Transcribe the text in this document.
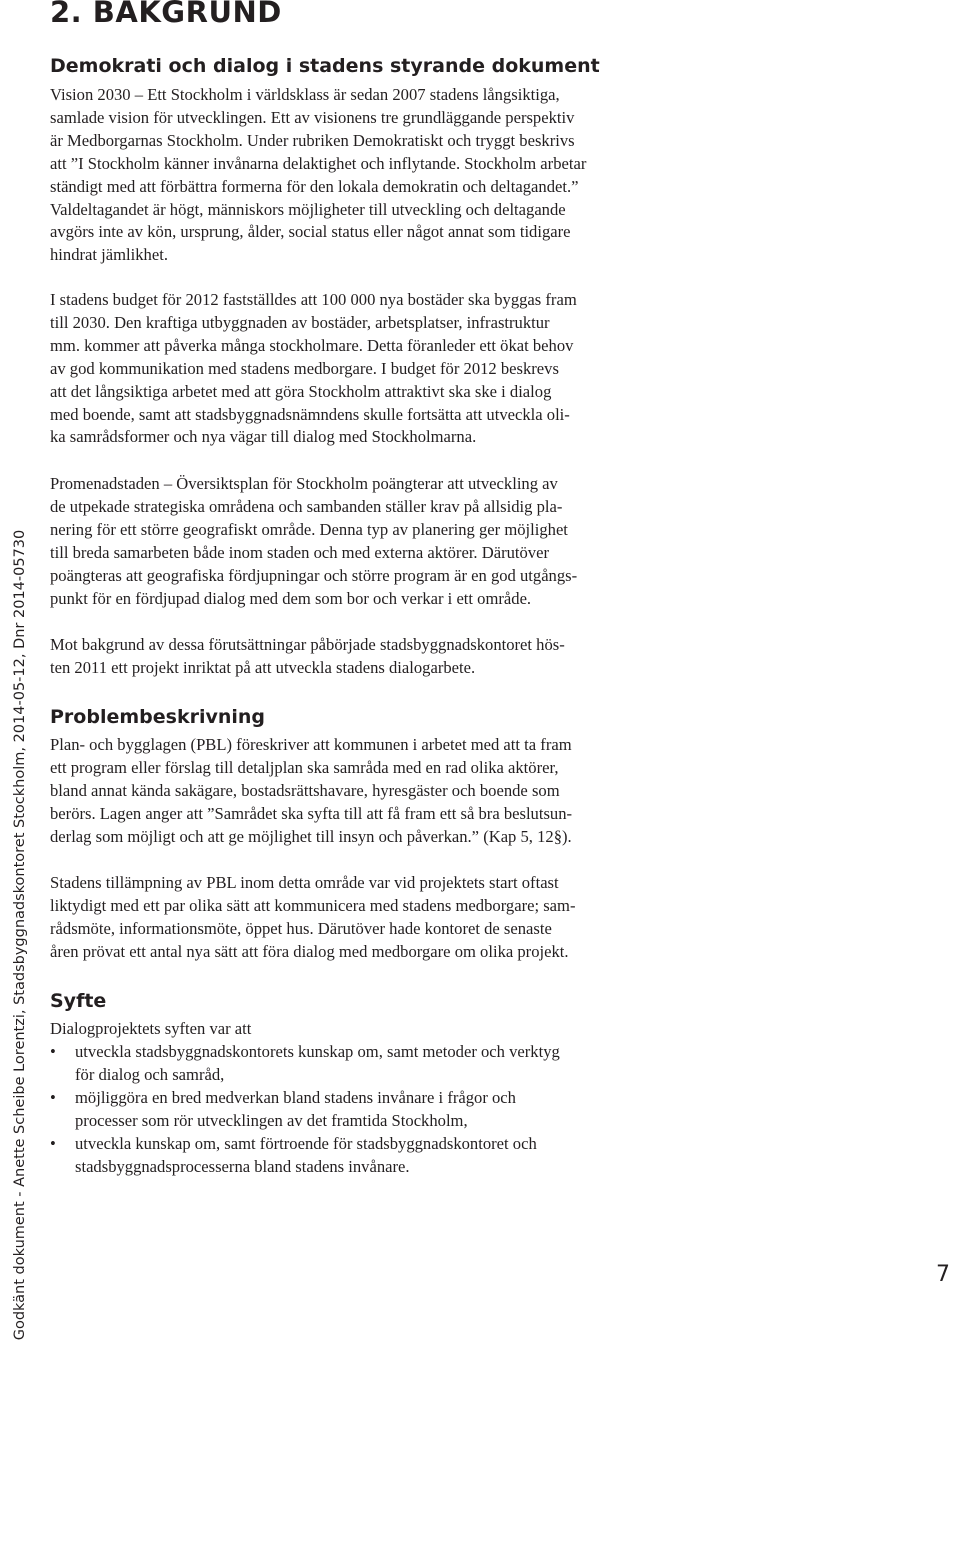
Godkänt dokument - Anette Scheibe Lorentzi, Stadsbyggnadskontoret Stockholm, 2014-05-12, Dnr 2014-05730
2. BAKGRUND
Demokrati och dialog i stadens styrande dokument

Vision 2030 – Ett Stockholm i världsklass är sedan 2007 stadens långsiktiga,
samlade vision för utvecklingen. Ett av visionens tre grundläggande perspektiv
är Medborgarnas Stockholm. Under rubriken Demokratiskt och tryggt beskrivs
att ”I Stockholm känner invånarna delaktighet och inflytande. Stockholm arbetar
ständigt med att förbättra formerna för den lokala demokratin och deltagandet.”
Valdeltagandet är högt, människors möjligheter till utveckling och deltagande
avgörs inte av kön, ursprung, ålder, social status eller något annat som tidigare
hindrat jämlikhet.

I stadens budget för 2012 fastställdes att 100 000 nya bostäder ska byggas fram
till 2030. Den kraftiga utbyggnaden av bostäder, arbetsplatser, infrastruktur
mm. kommer att påverka många stockholmare. Detta föranleder ett ökat behov
av god kommunikation med stadens medborgare. I budget för 2012 beskrevs
att det långsiktiga arbetet med att göra Stockholm attraktivt ska ske i dialog
med boende, samt att stadsbyggnadsnämndens skulle fortsätta att utveckla oli-
ka samrådsformer och nya vägar till dialog med Stockholmarna.

Promenadstaden – Översiktsplan för Stockholm poängterar att utveckling av
de utpekade strategiska områdena och sambanden ställer krav på allsidig pla-
nering för ett större geografiskt område. Denna typ av planering ger möjlighet
till breda samarbeten både inom staden och med externa aktörer. Därutöver
poängteras att geografiska fördjupningar och större program är en god utgångs-
punkt för en fördjupad dialog med dem som bor och verkar i ett område.

Mot bakgrund av dessa förutsättningar påbörjade stadsbyggnadskontoret hös-
ten 2011 ett projekt inriktat på att utveckla stadens dialogarbete.

Problembeskrivning

Plan- och bygglagen (PBL) föreskriver att kommunen i arbetet med att ta fram
ett program eller förslag till detaljplan ska samråda med en rad olika aktörer,
bland annat kända sakägare, bostadsrättshavare, hyresgäster och boende som
berörs. Lagen anger att ”Samrådet ska syfta till att få fram ett så bra beslutsun-
derlag som möjligt och att ge möjlighet till insyn och påverkan.” (Kap 5, 12§).

Stadens tillämpning av PBL inom detta område var vid projektets start oftast
liktydigt med ett par olika sätt att kommunicera med stadens medborgare; sam-
rådsmöte, informationsmöte, öppet hus. Därutöver hade kontoret de senaste
åren prövat ett antal nya sätt att föra dialog med medborgare om olika projekt.

Syfte

Dialogprojektets syften var att

• utveckla stadsbyggnadskontorets kunskap om, samt metoder och verktyg
för dialog och samråd,
• möjliggöra en bred medverkan bland stadens invånare i frågor och
processer som rör utvecklingen av det framtida Stockholm,
• utveckla kunskap om, samt förtroende för stadsbyggnadskontoret och
stadsbyggnadsprocesserna bland stadens invånare.
7
